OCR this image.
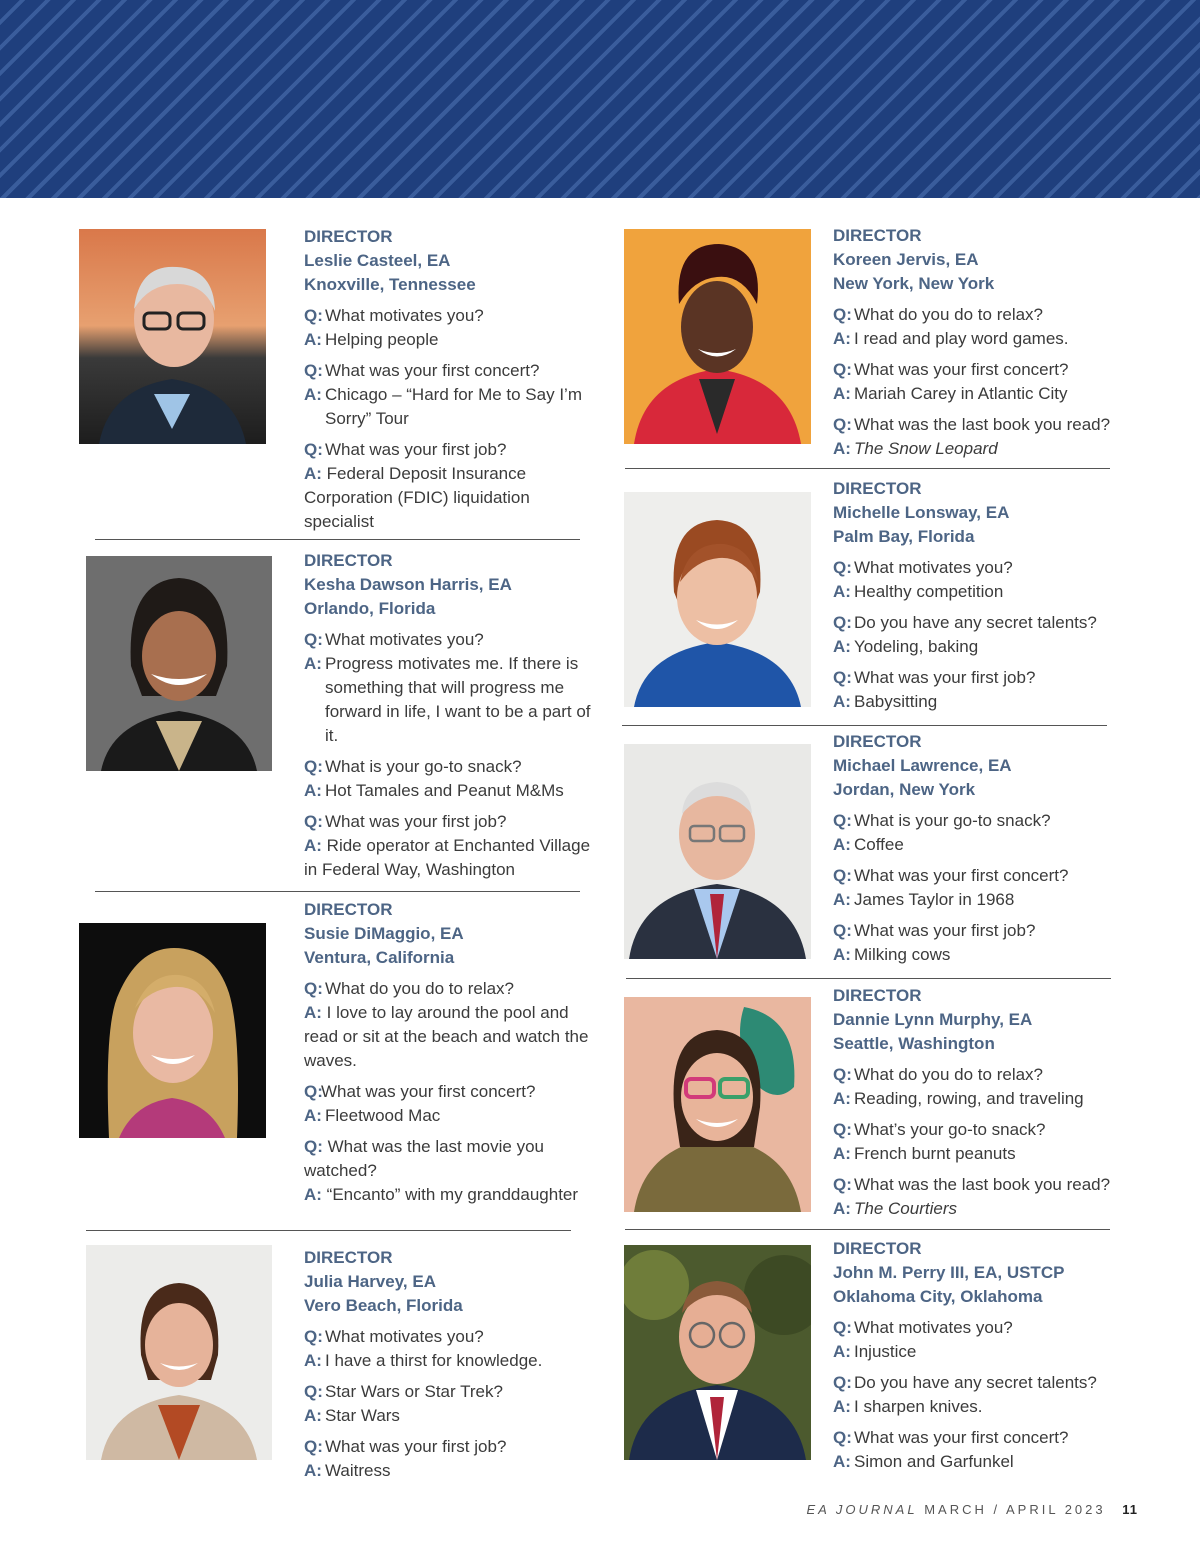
DIRECTOR
Leslie Casteel, EA
Knoxville, Tennessee
Q: What motivates you?
A: Helping people
Q: What was your first concert?
A: Chicago – “Hard for Me to Say I’m Sorry” Tour
Q: What was your first job?
A: Federal Deposit Insurance Corporation (FDIC) liquidation specialist
DIRECTOR
Kesha Dawson Harris, EA
Orlando, Florida
Q: What motivates you?
A: Progress motivates me. If there is something that will progress me forward in life, I want to be a part of it.
Q: What is your go-to snack?
A: Hot Tamales and Peanut M&Ms
Q: What was your first job?
A: Ride operator at Enchanted Village in Federal Way, Washington
DIRECTOR
Susie DiMaggio, EA
Ventura, California
Q: What do you do to relax?
A: I love to lay around the pool and read or sit at the beach and watch the waves.
Q:
What was your first concert?
A: Fleetwood Mac
Q: What was the last movie you watched?
A: “Encanto” with my granddaughter
DIRECTOR
Julia Harvey, EA
Vero Beach, Florida
Q: What motivates you?
A: I have a thirst for knowledge.
Q: Star Wars or Star Trek?
A: Star Wars
Q: What was your first job?
A: Waitress
DIRECTOR
Koreen Jervis, EA
New York, New York
Q: What do you do to relax?
A: I read and play word games.
Q: What was your first concert?
A: Mariah Carey in Atlantic City
Q: What was the last book you read?
A: The Snow Leopard
DIRECTOR
Michelle Lonsway, EA
Palm Bay, Florida
Q: What motivates you?
A: Healthy competition
Q: Do you have any secret talents?
A: Yodeling, baking
Q: What was your first job?
A: Babysitting
DIRECTOR
Michael Lawrence, EA
Jordan, New York
Q: What is your go-to snack?
A: Coffee
Q: What was your first concert?
A: James Taylor in 1968
Q: What was your first job?
A: Milking cows
DIRECTOR
Dannie Lynn Murphy, EA
Seattle, Washington
Q: What do you do to relax?
A: Reading, rowing, and traveling
Q: What’s your go-to snack?
A: French burnt peanuts
Q: What was the last book you read?
A: The Courtiers
DIRECTOR
John M. Perry III, EA, USTCP
Oklahoma City, Oklahoma
Q: What motivates you?
A: Injustice
Q: Do you have any secret talents?
A: I sharpen knives.
Q: What was your first concert?
A: Simon and Garfunkel
EA JOURNAL MARCH / APRIL 2023 11
